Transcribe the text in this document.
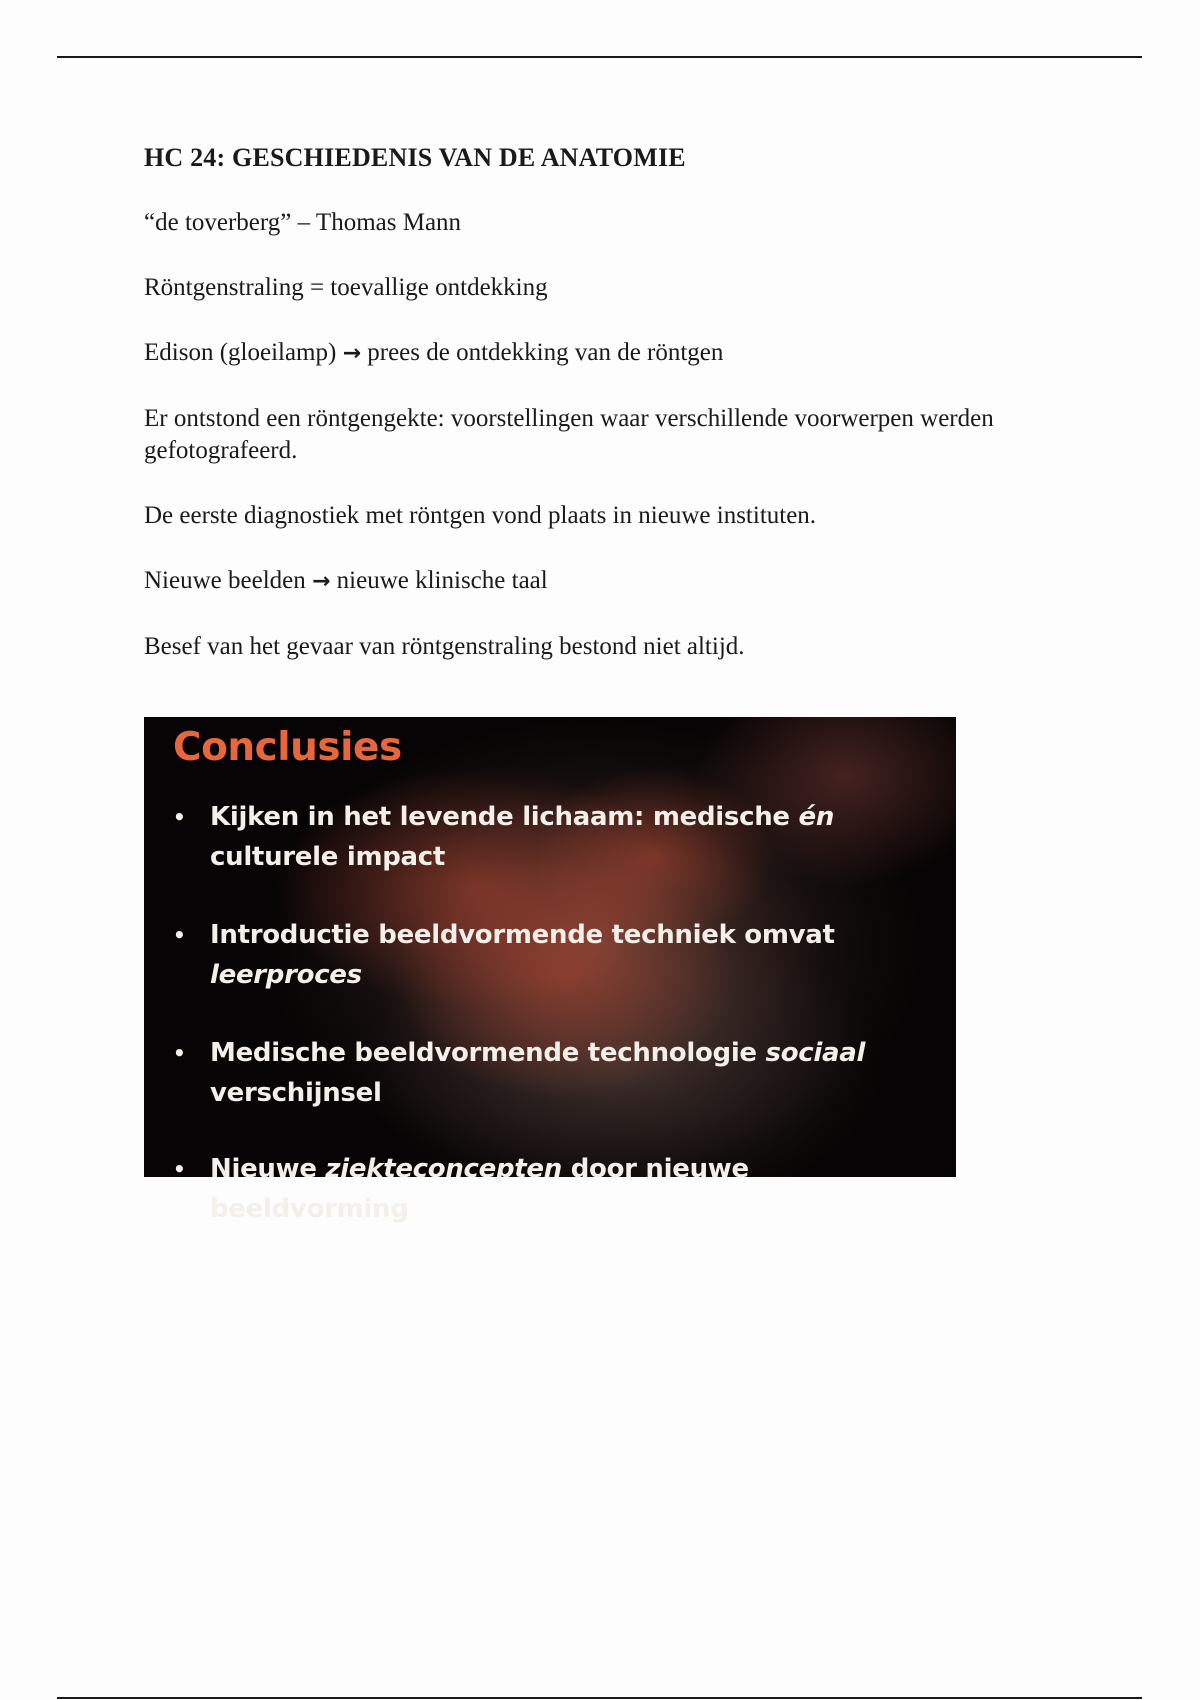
HC 24: GESCHIEDENIS VAN DE ANATOMIE

“de toverberg” – Thomas Mann

Röntgenstraling = toevallige ontdekking

Edison (gloeilamp) → prees de ontdekking van de röntgen

Er ontstond een röntgengekte: voorstellingen waar verschillende voorwerpen werden gefotografeerd.

De eerste diagnostiek met röntgen vond plaats in nieuwe instituten.

Nieuwe beelden → nieuwe klinische taal

Besef van het gevaar van röntgenstraling bestond niet altijd.

Conclusies
• Kijken in het levende lichaam: medische én culturele impact
• Introductie beeldvormende techniek omvat leerproces
• Medische beeldvormende technologie sociaal verschijnsel
• Nieuwe ziekteconcepten door nieuwe beeldvorming
